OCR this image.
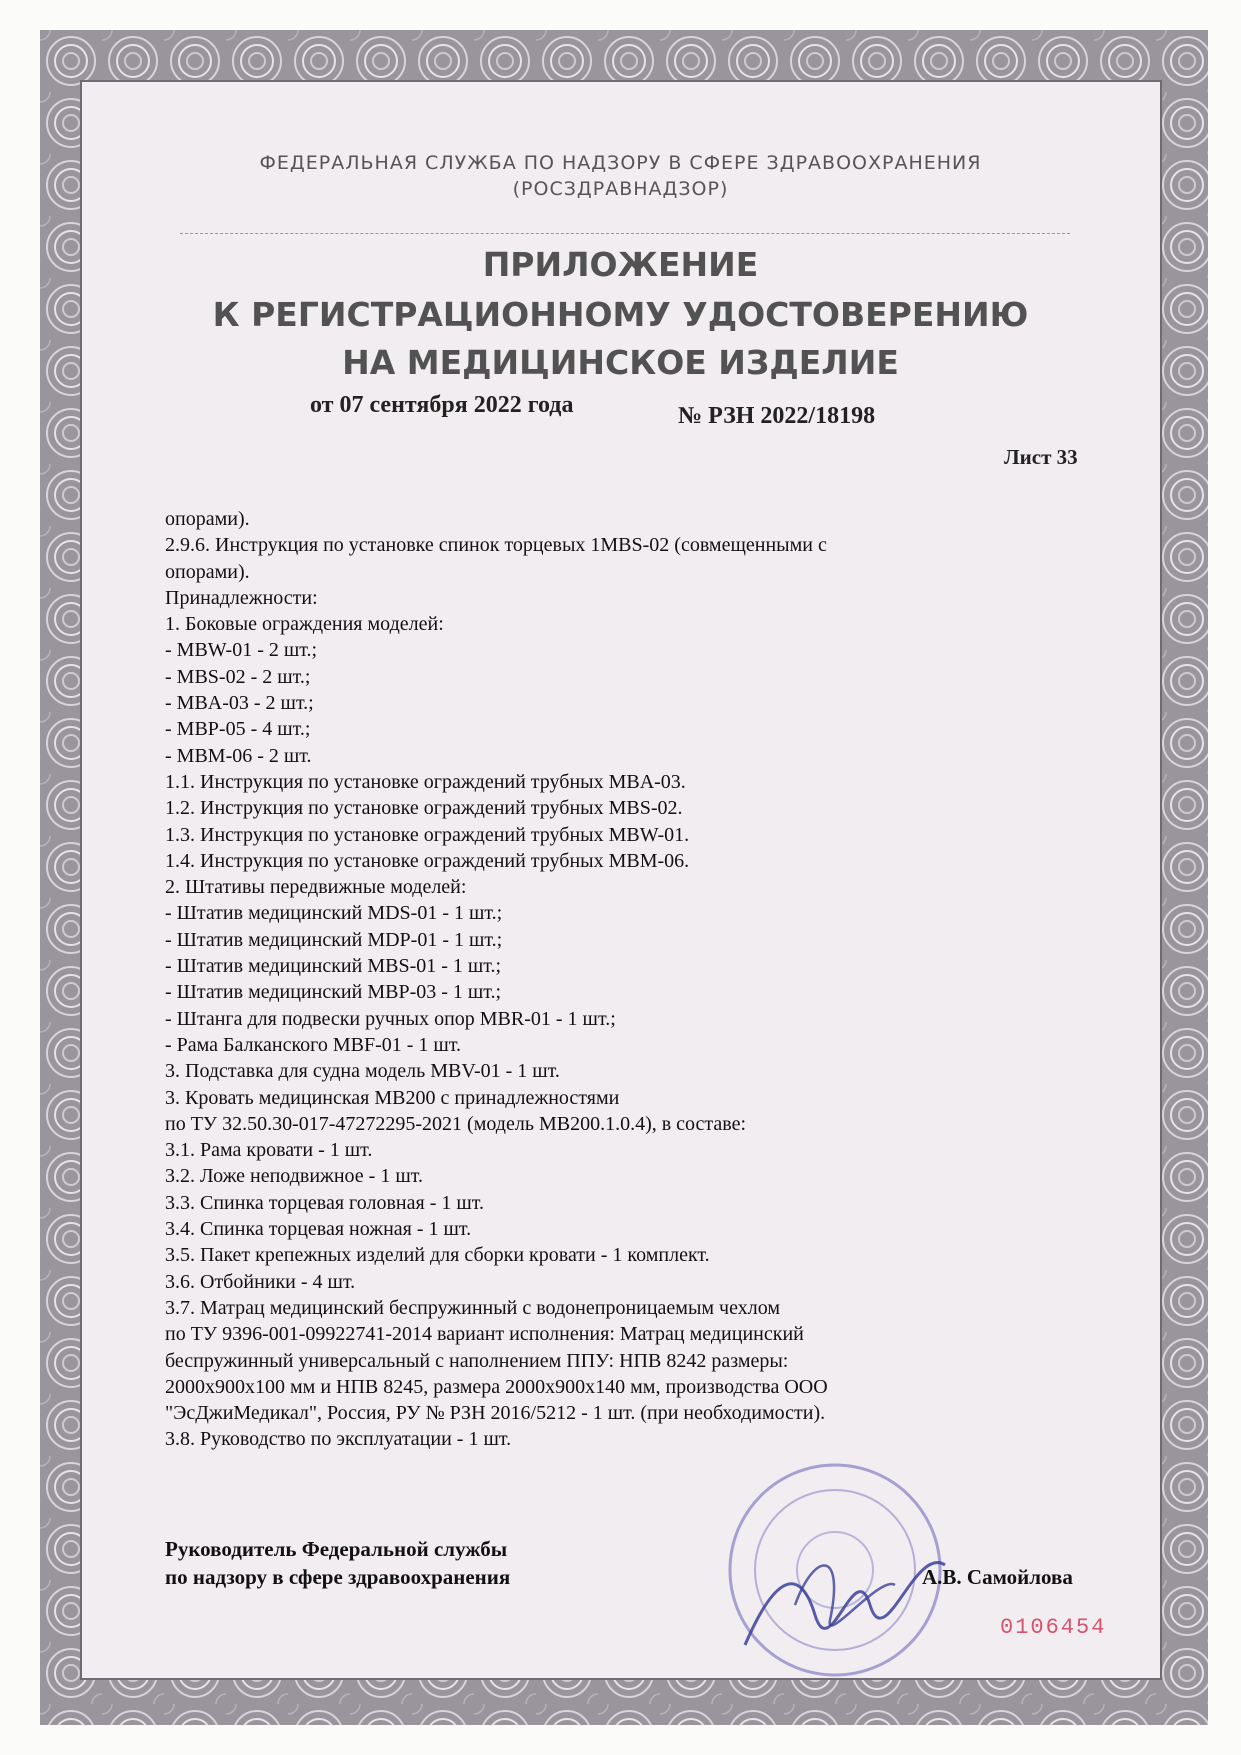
ФЕДЕРАЛЬНАЯ СЛУЖБА ПО НАДЗОРУ В СФЕРЕ ЗДРАВООХРАНЕНИЯ
(РОСЗДРАВНАДЗОР)
ПРИЛОЖЕНИЕ
К РЕГИСТРАЦИОННОМУ УДОСТОВЕРЕНИЮ
НА МЕДИЦИНСКОЕ ИЗДЕЛИЕ
от 07 сентября 2022 года	№ РЗН 2022/18198
Лист 33
опорами).
2.9.6. Инструкция по установке спинок торцевых 1MBS-02 (совмещенными с
опорами).
Принадлежности:
1. Боковые ограждения моделей:
- MBW-01 - 2 шт.;
- MBS-02 - 2 шт.;
- MBA-03 - 2 шт.;
- MBP-05 - 4 шт.;
- MBM-06 - 2 шт.
1.1. Инструкция по установке ограждений трубных MBA-03.
1.2. Инструкция по установке ограждений трубных MBS-02.
1.3. Инструкция по установке ограждений трубных MBW-01.
1.4. Инструкция по установке ограждений трубных MBM-06.
2. Штативы передвижные моделей:
- Штатив медицинский MDS-01 - 1 шт.;
- Штатив медицинский MDP-01 - 1 шт.;
- Штатив медицинский MBS-01 - 1 шт.;
- Штатив медицинский MBP-03 - 1 шт.;
- Штанга для подвески ручных опор MBR-01 - 1 шт.;
- Рама Балканского MBF-01 - 1 шт.
3. Подставка для судна модель MBV-01 - 1 шт.
3. Кровать медицинская MB200 с принадлежностями
по ТУ 32.50.30-017-47272295-2021 (модель MB200.1.0.4), в составе:
3.1. Рама кровати - 1 шт.
3.2. Ложе неподвижное - 1 шт.
3.3. Спинка торцевая головная - 1 шт.
3.4. Спинка торцевая ножная - 1 шт.
3.5. Пакет крепежных изделий для сборки кровати - 1 комплект.
3.6. Отбойники - 4 шт.
3.7. Матрац медицинский беспружинный с водонепроницаемым чехлом
по ТУ 9396-001-09922741-2014 вариант исполнения: Матрац медицинский
беспружинный универсальный с наполнением ППУ: НПВ 8242 размеры:
2000x900x100 мм и НПВ 8245, размера 2000x900x140 мм, производства ООО
"ЭсДжиМедикал", Россия, РУ № РЗН 2016/5212 - 1 шт. (при необходимости).
3.8. Руководство по эксплуатации - 1 шт.
Руководитель Федеральной службы
по надзору в сфере здравоохранения	А.В. Самойлова
0106454
